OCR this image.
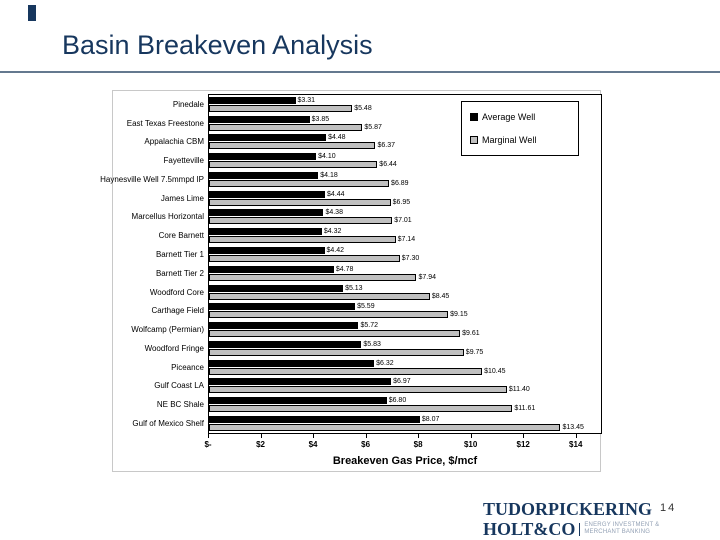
Basin Breakeven Analysis
Pinedale
East Texas Freestone
Appalachia CBM
Fayetteville
Haynesville Well 7.5mmpd IP
James Lime
Marcellus Horizontal
Core Barnett
Barnett Tier 1
Barnett Tier 2
Woodford Core
Carthage Field
Wolfcamp (Permian)
Woodford Fringe
Piceance
Gulf Coast LA
NE BC Shale
Gulf of Mexico Shelf
$3.31
$5.48
$3.85
$5.87
$4.48
$6.37
$4.10
$6.44
$4.18
$6.89
$4.44
$6.95
$4.38
$7.01
$4.32
$7.14
$4.42
$7.30
$4.78
$7.94
$5.13
$8.45
$5.59
$9.15
$5.72
$9.61
$5.83
$9.75
$6.32
$10.45
$6.97
$11.40
$6.80
$11.61
$8.07
$13.45
Average Well
Marginal Well
$-	$2	$4	$6	$8	$10	$12	$14
Breakeven Gas Price, $/mcf
TUDORPICKERING
HOLT&CO ENERGY INVESTMENT &
MERCHANT BANKING
14
